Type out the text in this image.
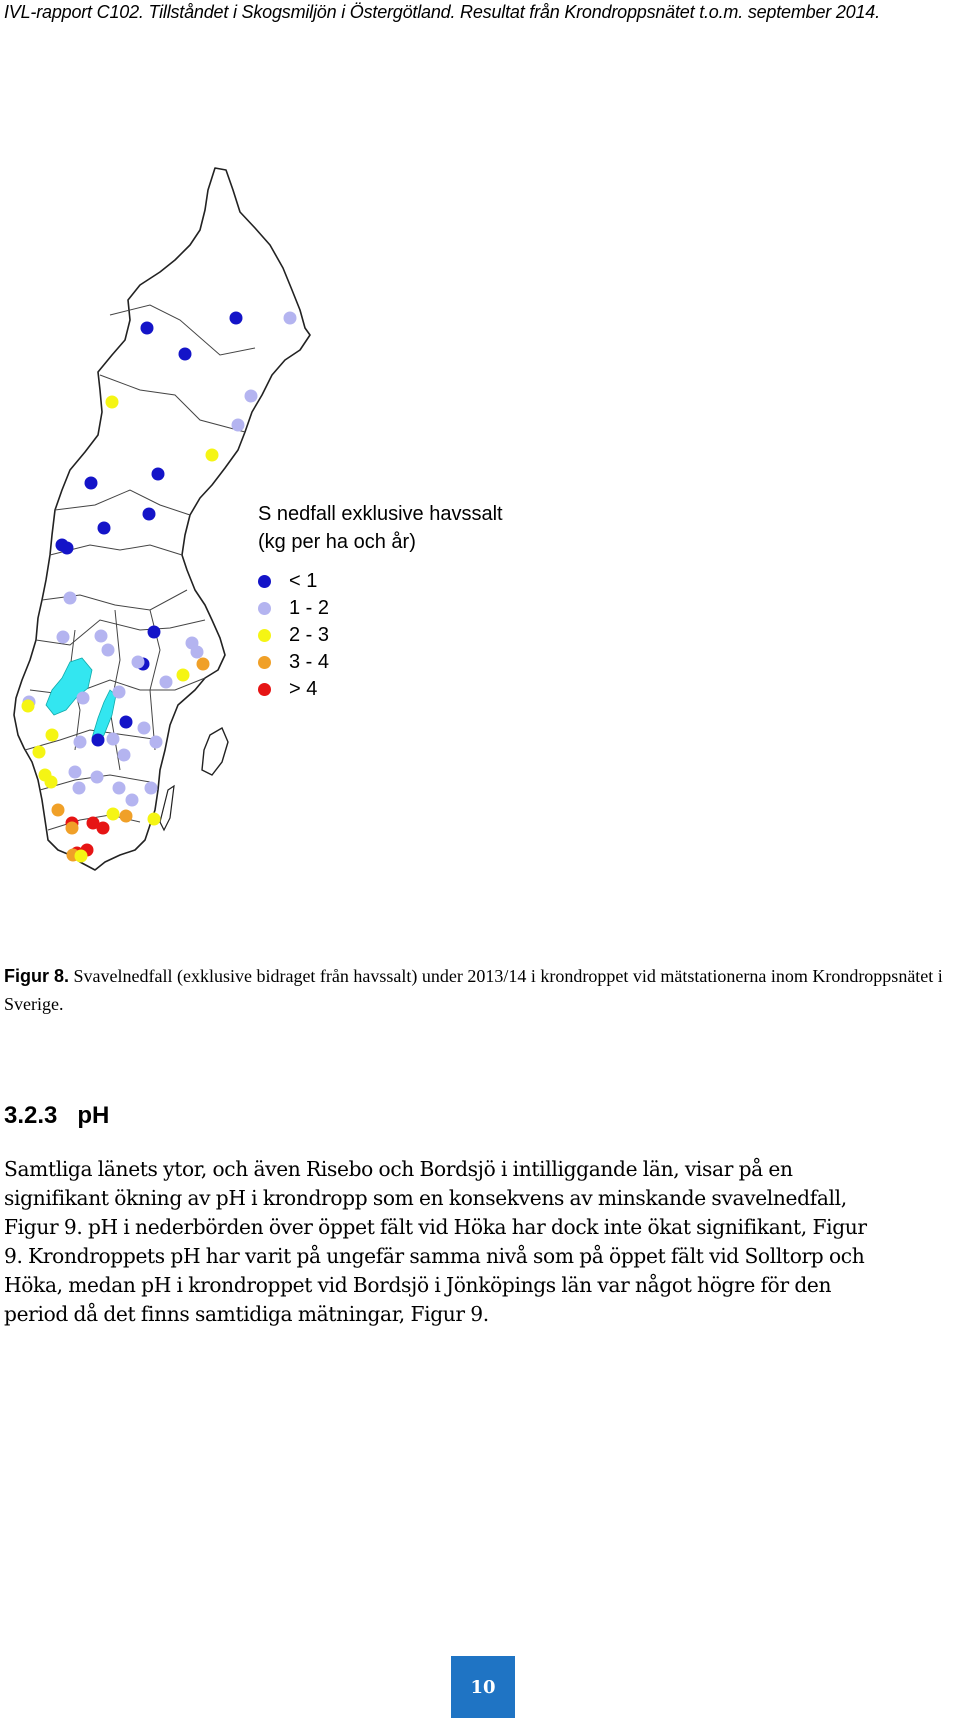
IVL-rapport C102. Tillståndet i Skogsmiljön i Östergötland. Resultat från Krondroppsnätet t.o.m. september 2014.
S nedfall exklusive havssalt
(kg per ha och år)
< 1
1 - 2
2 - 3
3 - 4
> 4
Figur 8. Svavelnedfall (exklusive bidraget från havssalt) under 2013/14 i krondroppet vid mätstationerna inom Krondroppsnätet i Sverige.
3.2.3 pH
Samtliga länets ytor, och även Risebo och Bordsjö i intilliggande län, visar på en
signifikant ökning av pH i krondropp som en konsekvens av minskande svavelnedfall,
Figur 9. pH i nederbörden över öppet fält vid Höka har dock inte ökat signifikant, Figur
9. Krondroppets pH har varit på ungefär samma nivå som på öppet fält vid Solltorp och
Höka, medan pH i krondroppet vid Bordsjö i Jönköpings län var något högre för den
period då det finns samtidiga mätningar, Figur 9.
10
